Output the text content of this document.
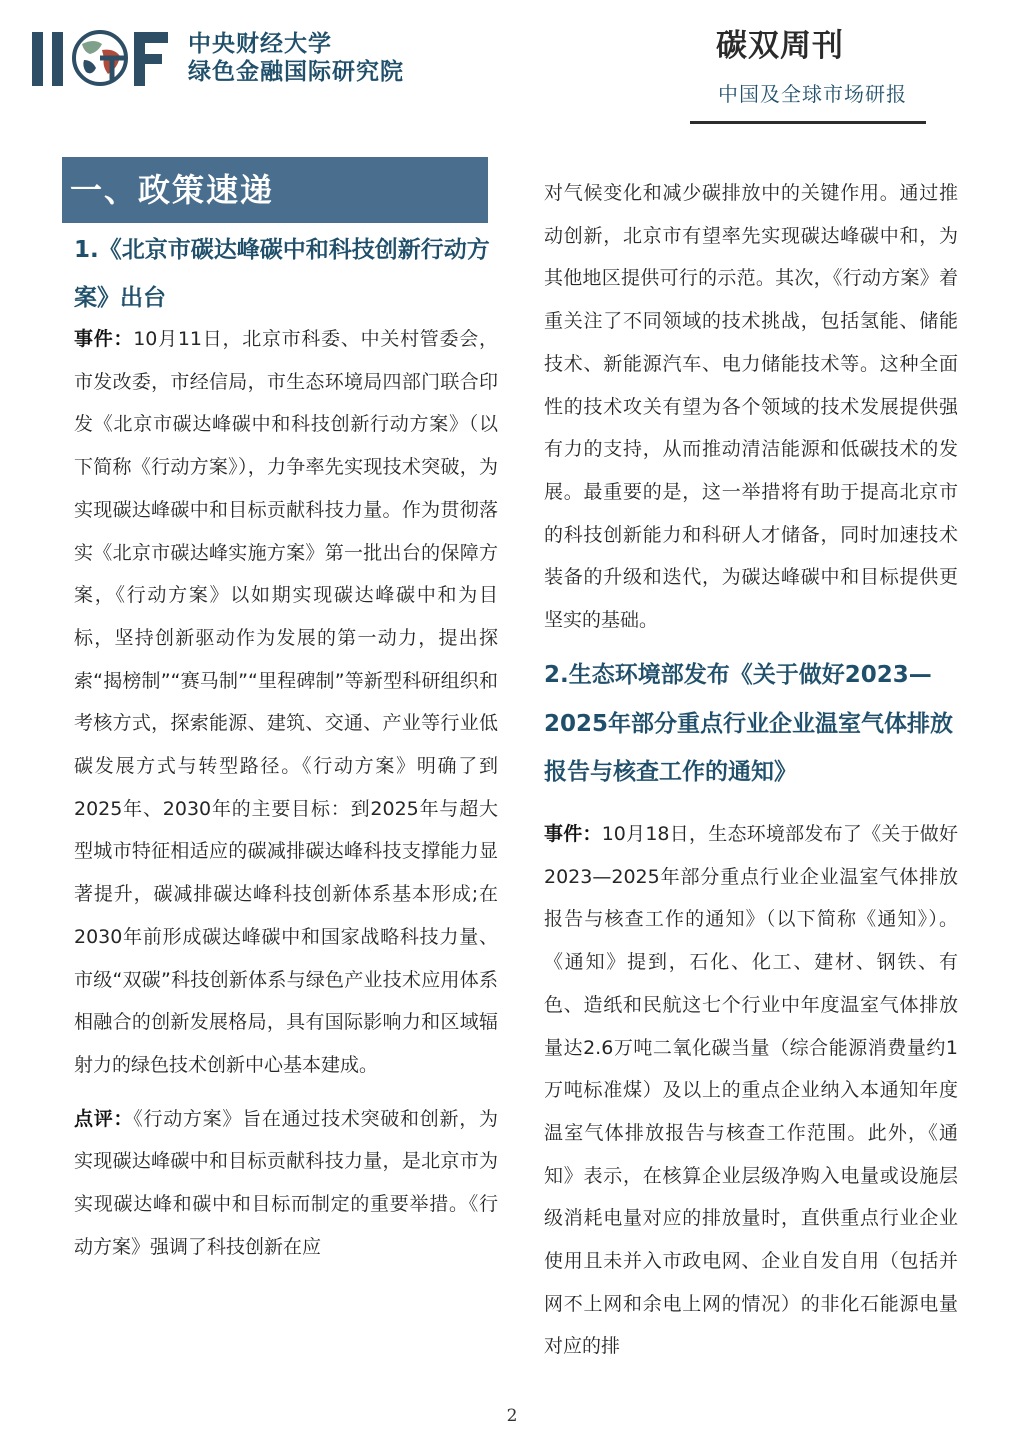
中央财经大学
绿色金融国际研究院
碳双周刊
中国及全球市场研报
一、政策速递
1.《北京市碳达峰碳中和科技创新行动方案》出台

事件：10月11日，北京市科委、中关村管委会，市发改委，市经信局，市生态环境局四部门联合印发《北京市碳达峰碳中和科技创新行动方案》（以下简称《行动方案》），力争率先实现技术突破，为实现碳达峰碳中和目标贡献科技力量。作为贯彻落实《北京市碳达峰实施方案》第一批出台的保障方案，《行动方案》以如期实现碳达峰碳中和为目标，坚持创新驱动作为发展的第一动力，提出探索“揭榜制”“赛马制”“里程碑制”等新型科研组织和考核方式，探索能源、建筑、交通、产业等行业低碳发展方式与转型路径。《行动方案》明确了到2025年、2030年的主要目标：到2025年与超大型城市特征相适应的碳减排碳达峰科技支撑能力显著提升，碳减排碳达峰科技创新体系基本形成;在2030年前形成碳达峰碳中和国家战略科技力量、市级“双碳”科技创新体系与绿色产业技术应用体系相融合的创新发展格局，具有国际影响力和区域辐射力的绿色技术创新中心基本建成。

点评：《行动方案》旨在通过技术突破和创新，为实现碳达峰碳中和目标贡献科技力量，是北京市为实现碳达峰和碳中和目标而制定的重要举措。《行动方案》强调了科技创新在应

对气候变化和减少碳排放中的关键作用。通过推动创新，北京市有望率先实现碳达峰碳中和，为其他地区提供可行的示范。其次，《行动方案》着重关注了不同领域的技术挑战，包括氢能、储能技术、新能源汽车、电力储能技术等。这种全面性的技术攻关有望为各个领域的技术发展提供强有力的支持，从而推动清洁能源和低碳技术的发展。最重要的是，这一举措将有助于提高北京市的科技创新能力和科研人才储备，同时加速技术装备的升级和迭代，为碳达峰碳中和目标提供更坚实的基础。

2.生态环境部发布《关于做好2023—2025年部分重点行业企业温室气体排放报告与核查工作的通知》

事件：10月18日，生态环境部发布了《关于做好2023—2025年部分重点行业企业温室气体排放报告与核查工作的通知》（以下简称《通知》）。《通知》提到，石化、化工、建材、钢铁、有色、造纸和民航这七个行业中年度温室气体排放量达2.6万吨二氧化碳当量（综合能源消费量约1万吨标准煤）及以上的重点企业纳入本通知年度温室气体排放报告与核查工作范围。此外，《通知》表示，在核算企业层级净购入电量或设施层级消耗电量对应的排放量时，直供重点行业企业使用且未并入市政电网、企业自发自用（包括并网不上网和余电上网的情况）的非化石能源电量对应的排

2
